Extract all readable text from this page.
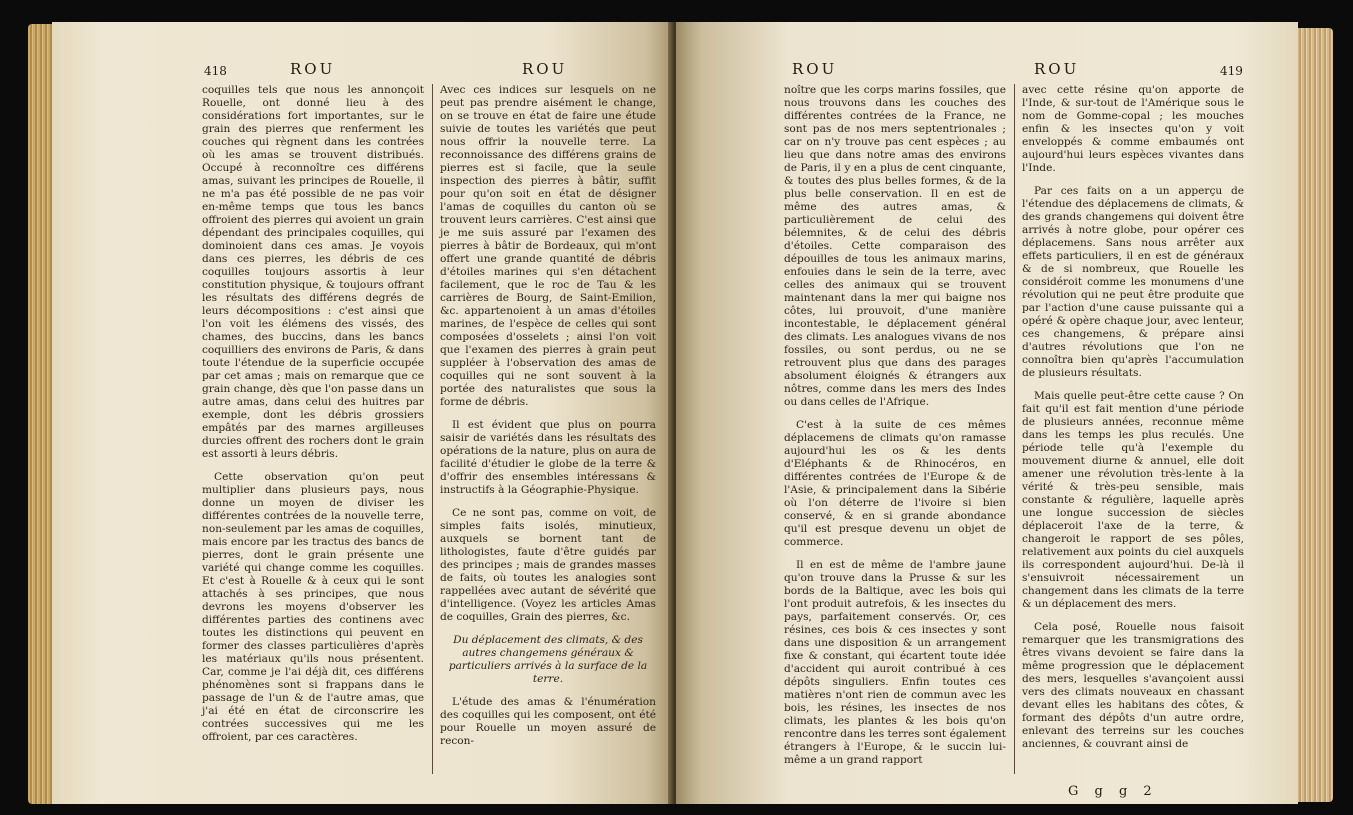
418	ROU	ROU

coquilles tels que nous les annonçoit Rouelle, ont donné lieu à des considérations fort importantes, sur le grain des pierres que renferment les couches qui règnent dans les contrées où les amas se trouvent distribués. Occupé à reconnoître ces différens amas, suivant les principes de Rouelle, il ne m'a pas été possible de ne pas voir en-même temps que tous les bancs offroient des pierres qui avoient un grain dépendant des principales coquilles, qui dominoient dans ces amas. Je voyois dans ces pierres, les débris de ces coquilles toujours assortis à leur constitution physique, & toujours offrant les résultats des différens degrés de leurs décompositions : c'est ainsi que l'on voit les élémens des vissés, des chames, des buccins, dans les bancs coquilliers des environs de Paris, & dans toute l'étendue de la superficie occupée par cet amas ; mais on remarque que ce grain change, dès que l'on passe dans un autre amas, dans celui des huitres par exemple, dont les débris grossiers empâtés par des marnes argilleuses durcies offrent des rochers dont le grain est assorti à leurs débris.

Cette observation qu'on peut multiplier dans plusieurs pays, nous donne un moyen de diviser les différentes contrées de la nouvelle terre, non-seulement par les amas de coquilles, mais encore par les tractus des bancs de pierres, dont le grain présente une variété qui change comme les coquilles. Et c'est à Rouelle & à ceux qui le sont attachés à ses principes, que nous devrons les moyens d'observer les différentes parties des continens avec toutes les distinctions qui peuvent en former des classes particulières d'après les matériaux qu'ils nous présentent. Car, comme je l'ai déjà dit, ces différens phénomènes sont si frappans dans le passage de l'un & de l'autre amas, que j'ai été en état de circonscrire les contrées successives qui me les offroient, par ces caractères.

Avec ces indices sur lesquels on ne peut pas prendre aisément le change, on se trouve en état de faire une étude suivie de toutes les variétés que peut nous offrir la nouvelle terre. La reconnoissance des différens grains de pierres est si facile, que la seule inspection des pierres à bâtir, suffit pour qu'on soit en état de désigner l'amas de coquilles du canton où se trouvent leurs carrières. C'est ainsi que je me suis assuré par l'examen des pierres à bâtir de Bordeaux, qui m'ont offert une grande quantité de débris d'étoiles marines qui s'en détachent facilement, que le roc de Tau & les carrières de Bourg, de Saint-Emilion, &c. appartenoient à un amas d'étoiles marines, de l'espèce de celles qui sont composées d'osselets ; ainsi l'on voit que l'examen des pierres à grain peut suppléer à l'observation des amas de coquilles qui ne sont souvent à la portée des naturalistes que sous la forme de débris.

Il est évident que plus on pourra saisir de variétés dans les résultats des opérations de la nature, plus on aura de facilité d'étudier le globe de la terre & d'offrir des ensembles intéressans & instructifs à la Géographie-Physique.

Ce ne sont pas, comme on voit, de simples faits isolés, minutieux, auxquels se bornent tant de lithologistes, faute d'être guidés par des principes ; mais de grandes masses de faits, où toutes les analogies sont rappellées avec autant de sévérité que d'intelligence. (Voyez les articles Amas de coquilles, Grain des pierres, &c.

Du déplacement des climats, & des autres changemens généraux & particuliers arrivés à la surface de la terre.

L'étude des amas & l'énumération des coquilles qui les composent, ont été pour Rouelle un moyen assuré de recon-

ROU	ROU	419

noître que les corps marins fossiles, que nous trouvons dans les couches des différentes contrées de la France, ne sont pas de nos mers septentrionales ; car on n'y trouve pas cent espèces ; au lieu que dans notre amas des environs de Paris, il y en a plus de cent cinquante, & toutes des plus belles formes, & de la plus belle conservation. Il en est de même des autres amas, & particulièrement de celui des bélemnites, & de celui des débris d'étoiles. Cette comparaison des dépouilles de tous les animaux marins, enfouies dans le sein de la terre, avec celles des animaux qui se trouvent maintenant dans la mer qui baigne nos côtes, lui prouvoit, d'une manière incontestable, le déplacement général des climats. Les analogues vivans de nos fossiles, ou sont perdus, ou ne se retrouvent plus que dans des parages absolument éloignés & étrangers aux nôtres, comme dans les mers des Indes ou dans celles de l'Afrique.

C'est à la suite de ces mêmes déplacemens de climats qu'on ramasse aujourd'hui les os & les dents d'Eléphants & de Rhinocéros, en différentes contrées de l'Europe & de l'Asie, & principalement dans la Sibérie où l'on déterre de l'ivoire si bien conservé, & en si grande abondance qu'il est presque devenu un objet de commerce.

Il en est de même de l'ambre jaune qu'on trouve dans la Prusse & sur les bords de la Baltique, avec les bois qui l'ont produit autrefois, & les insectes du pays, parfaitement conservés. Or, ces résines, ces bois & ces insectes y sont dans une disposition & un arrangement fixe & constant, qui écartent toute idée d'accident qui auroit contribué à ces dépôts singuliers. Enfin toutes ces matières n'ont rien de commun avec les bois, les résines, les insectes de nos climats, les plantes & les bois qu'on rencontre dans les terres sont également étrangers à l'Europe, & le succin lui-même a un grand rapport

avec cette résine qu'on apporte de l'Inde, & sur-tout de l'Amérique sous le nom de Gomme-copal ; les mouches enfin & les insectes qu'on y voit enveloppés & comme embaumés ont aujourd'hui leurs espèces vivantes dans l'Inde.

Par ces faits on a un apperçu de l'étendue des déplacemens de climats, & des grands changemens qui doivent être arrivés à notre globe, pour opérer ces déplacemens. Sans nous arrêter aux effets particuliers, il en est de généraux & de si nombreux, que Rouelle les considéroit comme les monumens d'une révolution qui ne peut être produite que par l'action d'une cause puissante qui a opéré & opère chaque jour, avec lenteur, ces changemens, & prépare ainsi d'autres révolutions que l'on ne connoîtra bien qu'après l'accumulation de plusieurs résultats.

Mais quelle peut-être cette cause ? On fait qu'il est fait mention d'une période de plusieurs années, reconnue même dans les temps les plus reculés. Une période telle qu'à l'exemple du mouvement diurne & annuel, elle doit amener une révolution très-lente à la vérité & très-peu sensible, mais constante & régulière, laquelle après une longue succession de siècles déplaceroit l'axe de la terre, & changeroit le rapport de ses pôles, relativement aux points du ciel auxquels ils correspondent aujourd'hui. De-là il s'ensuivroit nécessairement un changement dans les climats de la terre & un déplacement des mers.

Cela posé, Rouelle nous faisoit remarquer que les transmigrations des êtres vivans devoient se faire dans la même progression que le déplacement des mers, lesquelles s'avançoient aussi vers des climats nouveaux en chassant devant elles les habitans des côtes, & formant des dépôts d'un autre ordre, enlevant des terreins sur les couches anciennes, & couvrant ainsi de

G g g 2
